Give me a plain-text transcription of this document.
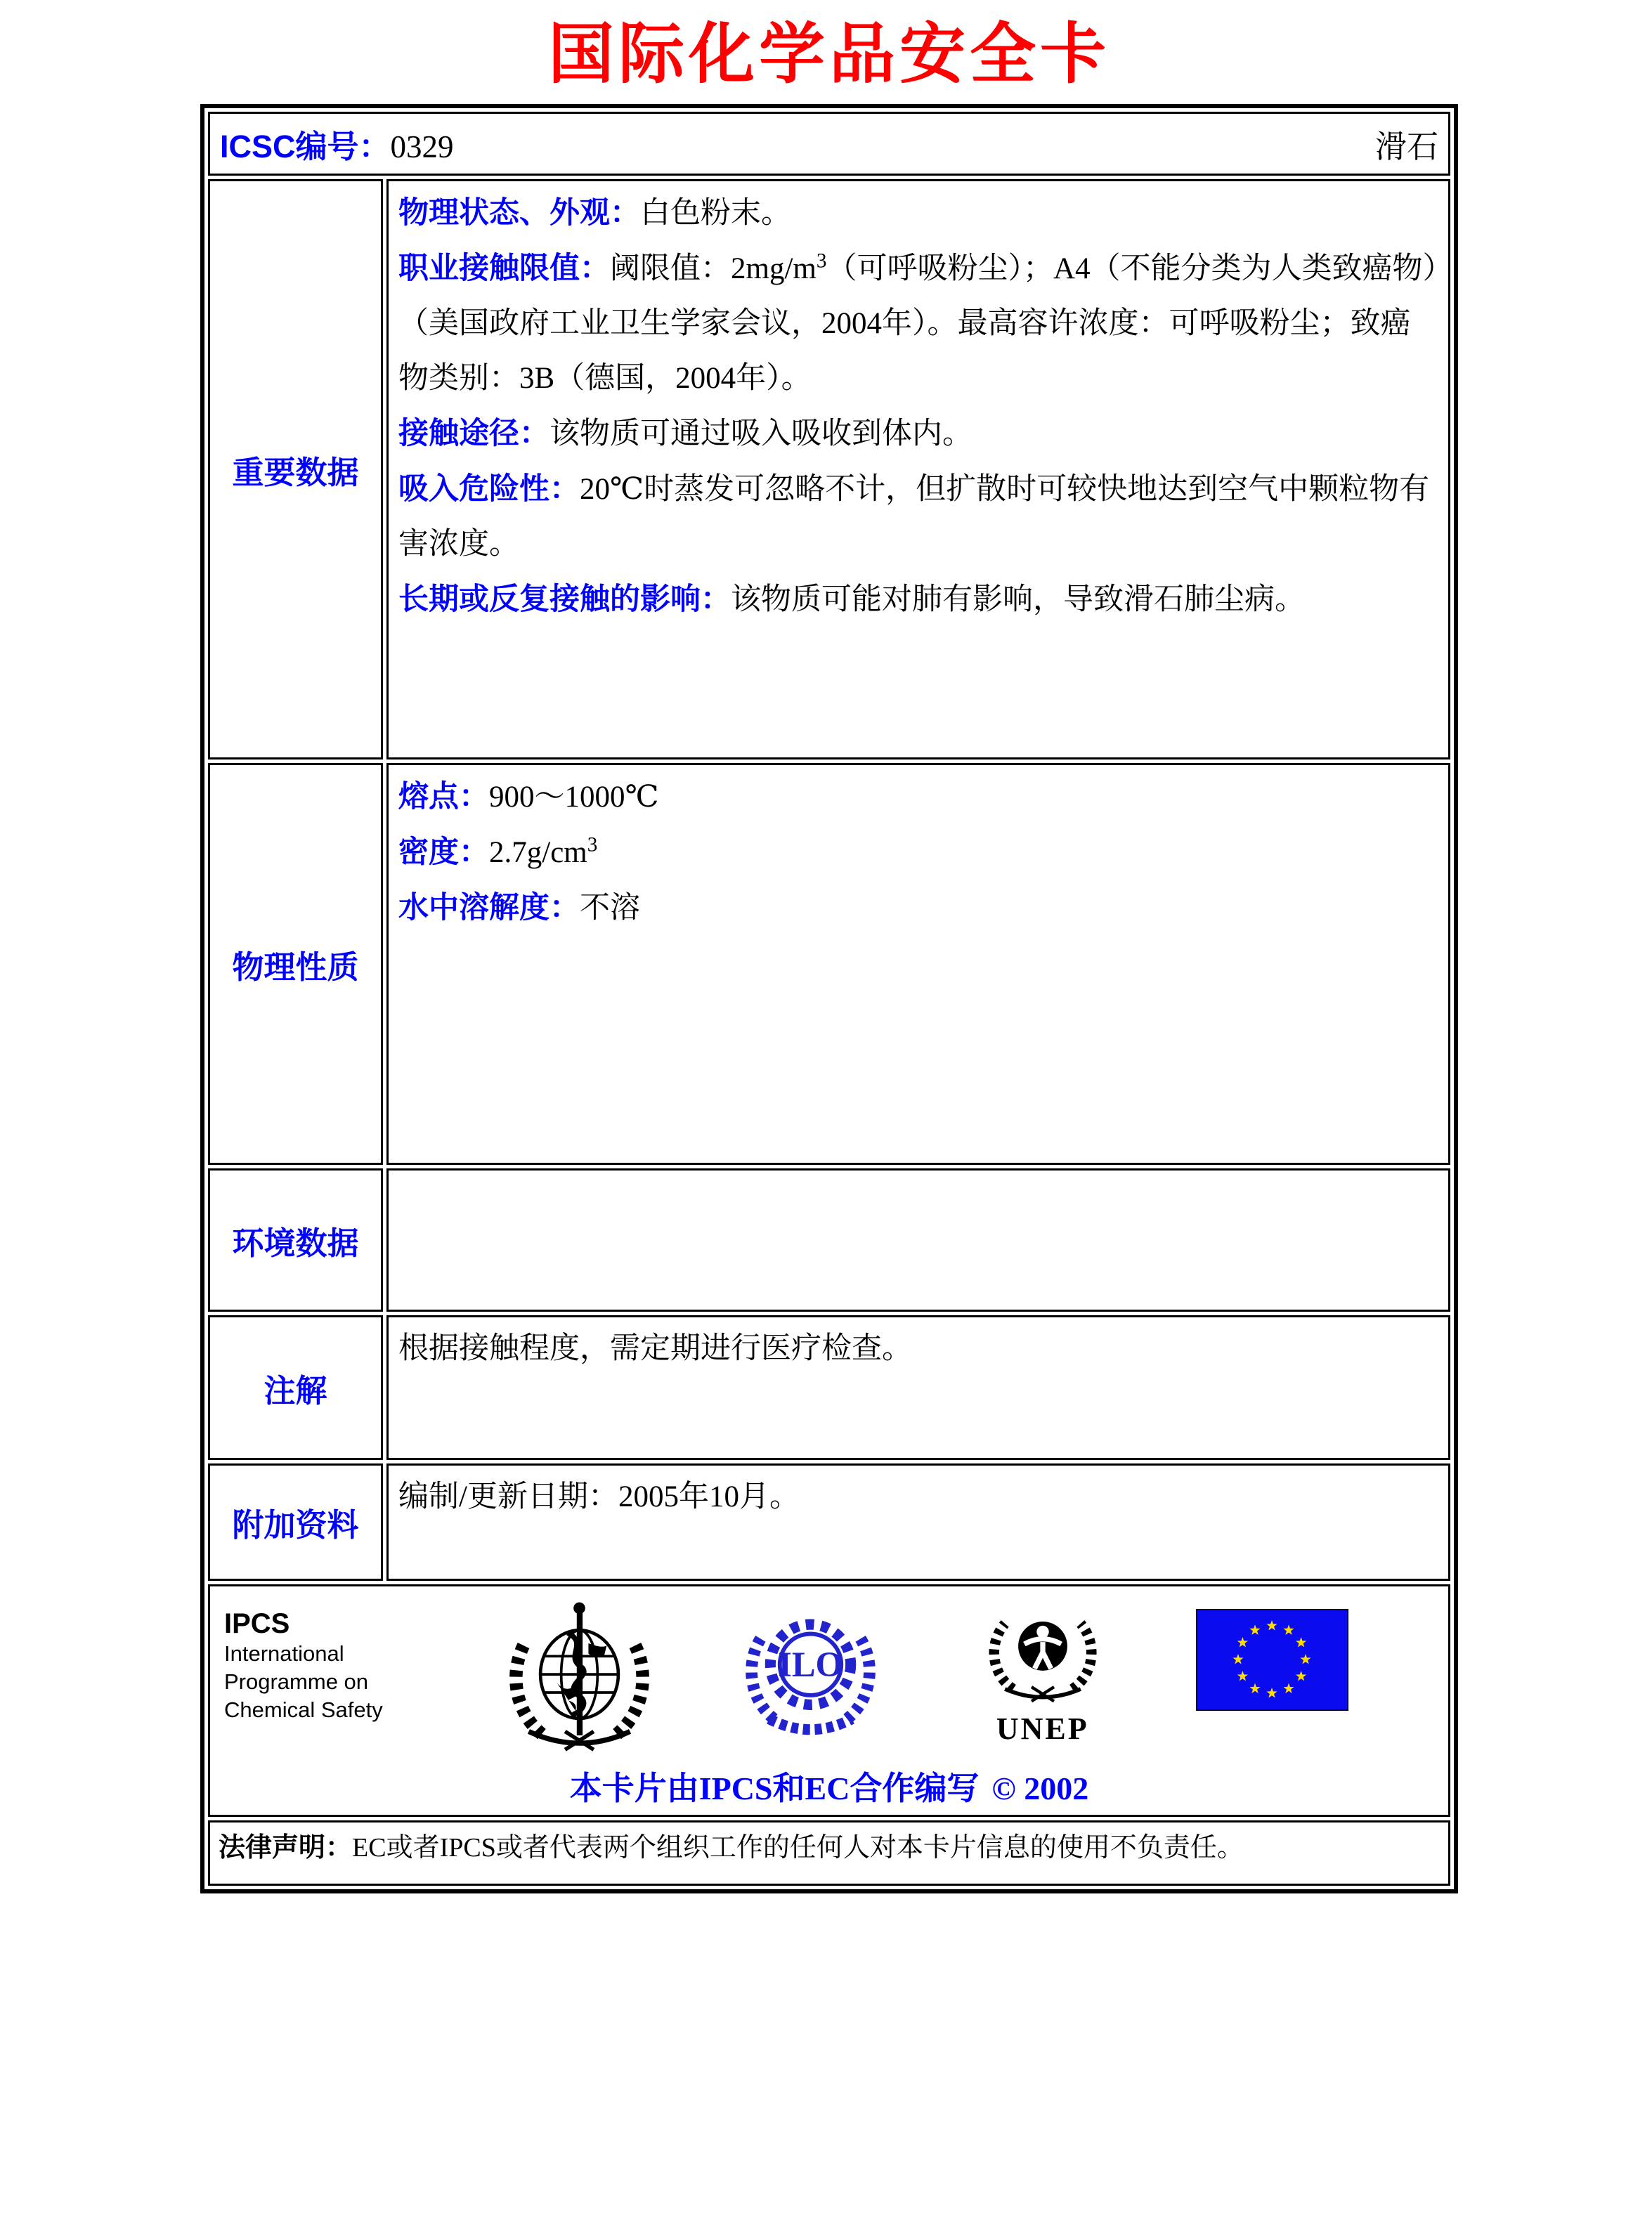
国际化学品安全卡
ICSC编号：0329 滑石	

重要数据	物理状态、外观：白色粉末。
职业接触限值：阈限值：$2mg/m^3$（可呼吸粉尘）；A4（不能分类为人类致癌物）（美国政府工业卫生学家会议，2004年）。最高容许浓度：可呼吸粉尘；致癌物类别：3B（德国，2004年）。
接触途径：该物质可通过吸入吸收到体内。
吸入危险性：20℃时蒸发可忽略不计，但扩散时可较快地达到空气中颗粒物有害浓度。
长期或反复接触的影响：该物质可能对肺有影响，导致滑石肺尘病。

物理性质	熔点：900～1000℃
密度：$2.7g/cm^3$
水中溶解度：不溶

环境数据	
注解	根据接触程度，需定期进行医疗检查。
附加资料	编制/更新日期：2005年10月。

IPCS
International
Programme on
Chemical Safety
ILO
UNEP
本卡片由IPCS和EC合作编写 © 2002

法律声明：EC或者IPCS或者代表两个组织工作的任何人对本卡片信息的使用不负责任。	
